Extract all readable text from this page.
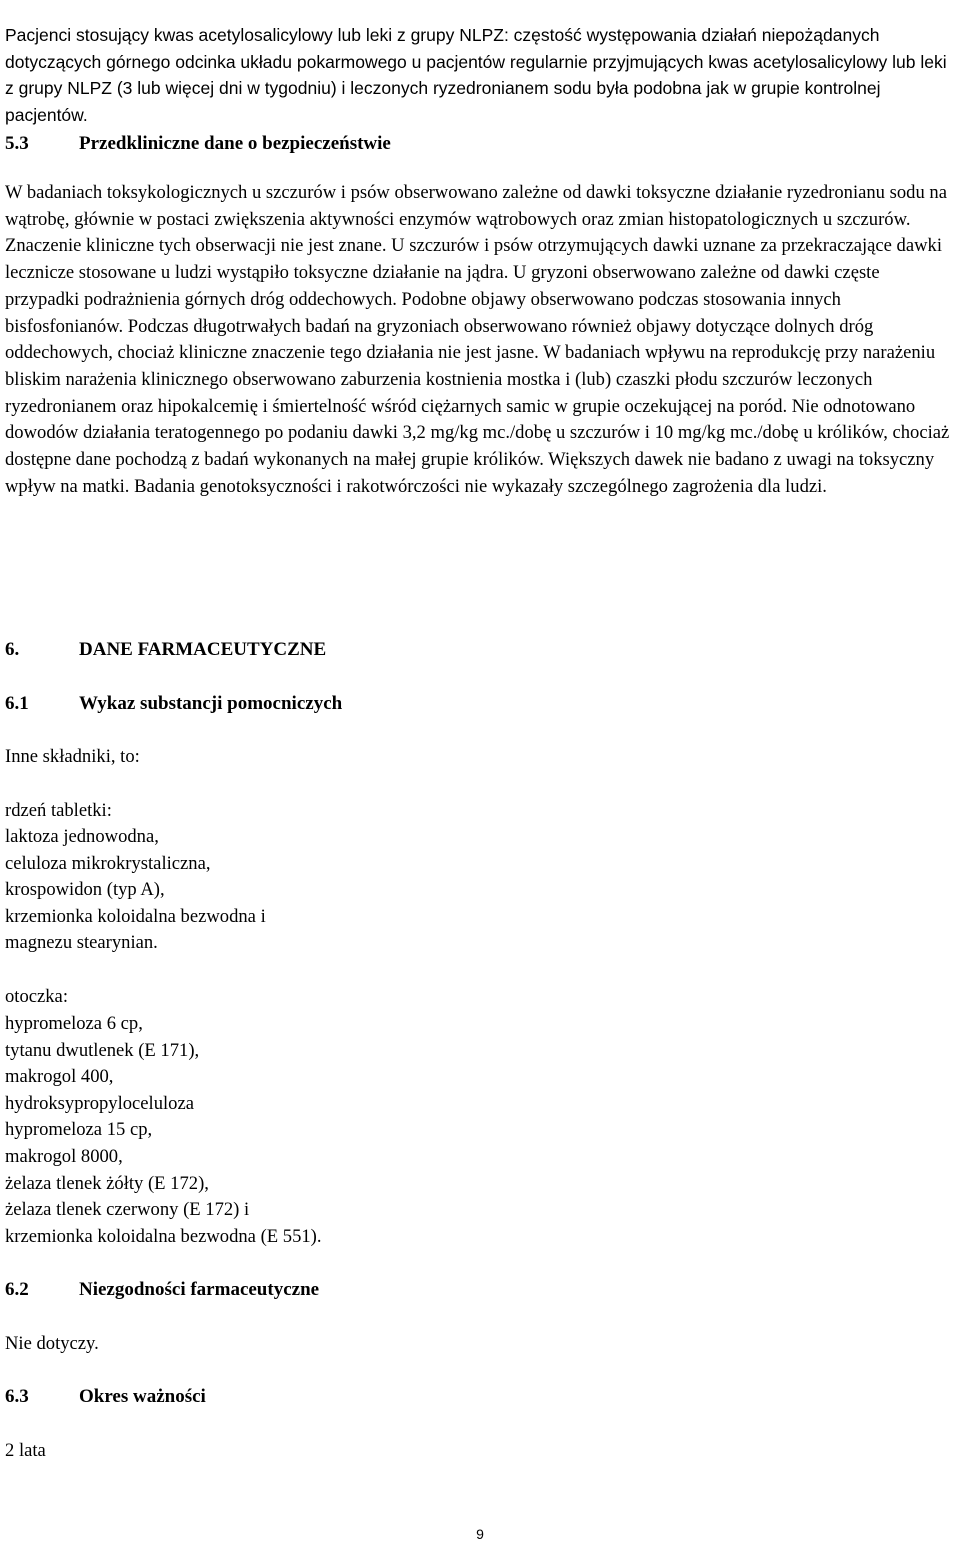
Pacjenci stosujący kwas acetylosalicylowy lub leki z grupy NLPZ: częstość występowania działań niepożądanych dotyczących górnego odcinka układu pokarmowego u pacjentów regularnie przyjmujących kwas acetylosalicylowy lub leki z grupy NLPZ (3 lub więcej dni w tygodniu) i leczonych ryzedronianem sodu była podobna jak w grupie kontrolnej pacjentów.

5.3	Przedkliniczne dane o bezpieczeństwie

W badaniach toksykologicznych u szczurów i psów obserwowano zależne od dawki toksyczne działanie ryzedronianu sodu na wątrobę, głównie w postaci zwiększenia aktywności enzymów wątrobowych oraz zmian histopatologicznych u szczurów. Znaczenie kliniczne tych obserwacji nie jest znane. U szczurów i psów otrzymujących dawki uznane za przekraczające dawki lecznicze stosowane u ludzi wystąpiło toksyczne działanie na jądra. U gryzoni obserwowano zależne od dawki częste przypadki podrażnienia górnych dróg oddechowych. Podobne objawy obserwowano podczas stosowania innych bisfosfonianów. Podczas długotrwałych badań na gryzoniach obserwowano również objawy dotyczące dolnych dróg oddechowych, chociaż kliniczne znaczenie tego działania nie jest jasne. W badaniach wpływu na reprodukcję przy narażeniu bliskim narażenia klinicznego obserwowano zaburzenia kostnienia mostka i (lub) czaszki płodu szczurów leczonych ryzedronianem oraz hipokalcemię i śmiertelność wśród ciężarnych samic w grupie oczekującej na poród. Nie odnotowano dowodów działania teratogennego po podaniu dawki 3,2 mg/kg mc./dobę u szczurów i 10 mg/kg mc./dobę u królików, chociaż dostępne dane pochodzą z badań wykonanych na małej grupie królików. Większych dawek nie badano z uwagi na toksyczny wpływ na matki. Badania genotoksyczności i rakotwórczości nie wykazały szczególnego zagrożenia dla ludzi.

6.	DANE FARMACEUTYCZNE
6.1	Wykaz substancji pomocniczych
Inne składniki, to:
rdzeń tabletki:
laktoza jednowodna,
celuloza mikrokrystaliczna,
krospowidon (typ A),
krzemionka koloidalna bezwodna i
magnezu stearynian.
otoczka:
hypromeloza 6 cp,
tytanu dwutlenek (E 171),
makrogol 400,
hydroksypropyloceluloza
hypromeloza 15 cp,
makrogol 8000,
żelaza tlenek żółty (E 172),
żelaza tlenek czerwony (E 172) i
krzemionka koloidalna bezwodna (E 551).
6.2	Niezgodności farmaceutyczne
Nie dotyczy.
6.3	Okres ważności
2 lata
9
